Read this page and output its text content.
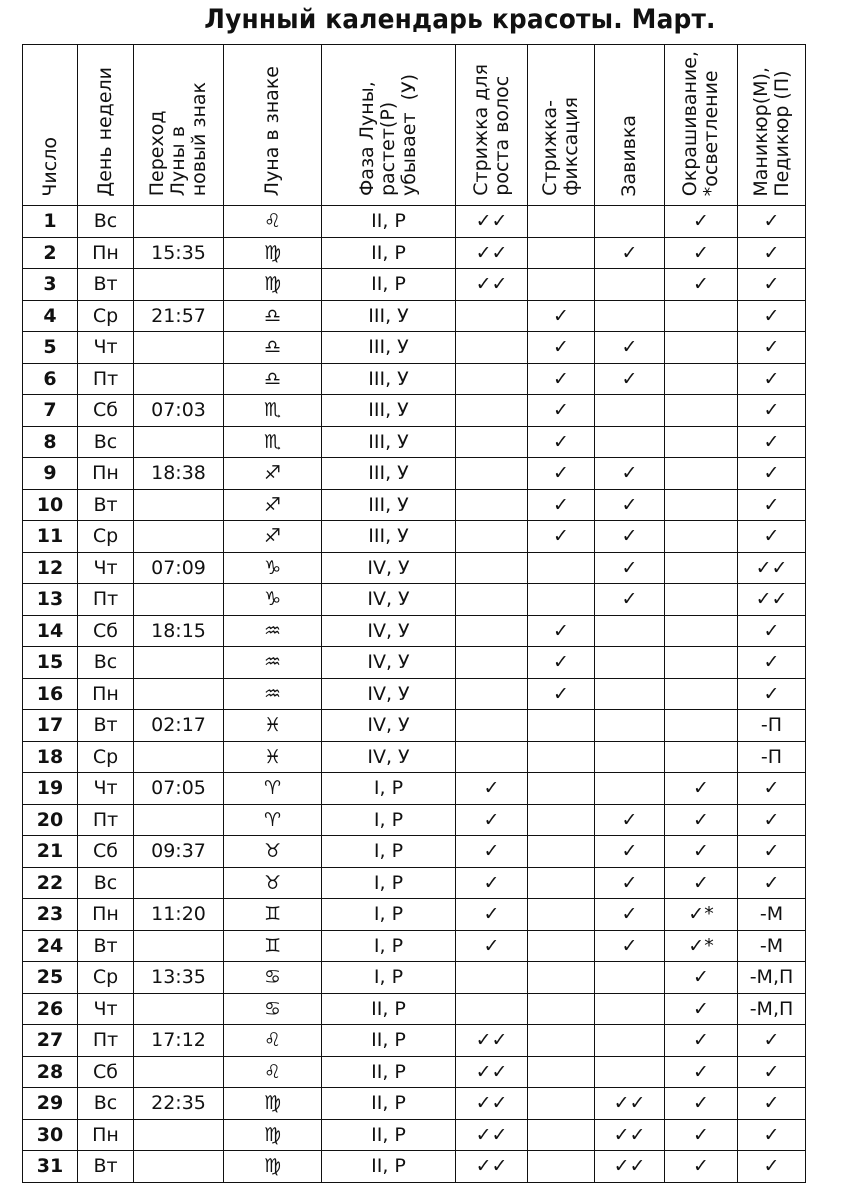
Лунный календарь красоты. Март.
Число	День недели	Переход
Луны в
новый знак	Луна в знаке	Фаза Луны,
растет(Р)
убывает  (У)	Стрижка для
роста волос	Стрижка-
фиксация	Завивка	Окрашивание,
*осветление	Маникюр(М),
Педикюр (П)
1	Вс		♌	II, Р	✓✓			✓	✓
2	Пн	15:35	♍	II, Р	✓✓		✓	✓	✓
3	Вт		♍	II, Р	✓✓			✓	✓
4	Ср	21:57	♎	III, У		✓			✓
5	Чт		♎	III, У		✓	✓		✓
6	Пт		♎	III, У		✓	✓		✓
7	Сб	07:03	♏	III, У		✓			✓
8	Вс		♏	III, У		✓			✓
9	Пн	18:38	♐	III, У		✓	✓		✓
10	Вт		♐	III, У		✓	✓		✓
11	Ср		♐	III, У		✓	✓		✓
12	Чт	07:09	♑	IV, У			✓		✓✓
13	Пт		♑	IV, У			✓		✓✓
14	Сб	18:15	♒	IV, У		✓			✓
15	Вс		♒	IV, У		✓			✓
16	Пн		♒	IV, У		✓			✓
17	Вт	02:17	♓	IV, У					-П
18	Ср		♓	IV, У					-П
19	Чт	07:05	♈	I, Р	✓			✓	✓
20	Пт		♈	I, Р	✓		✓	✓	✓
21	Сб	09:37	♉	I, Р	✓		✓	✓	✓
22	Вс		♉	I, Р	✓		✓	✓	✓
23	Пн	11:20	♊	I, Р	✓		✓	✓*	-М
24	Вт		♊	I, Р	✓		✓	✓*	-М
25	Ср	13:35	♋	I, Р				✓	-М,П
26	Чт		♋	II, Р				✓	-М,П
27	Пт	17:12	♌	II, Р	✓✓			✓	✓
28	Сб		♌	II, Р	✓✓			✓	✓
29	Вс	22:35	♍	II, Р	✓✓		✓✓	✓	✓
30	Пн		♍	II, Р	✓✓		✓✓	✓	✓
31	Вт		♍	II, Р	✓✓		✓✓	✓	✓
